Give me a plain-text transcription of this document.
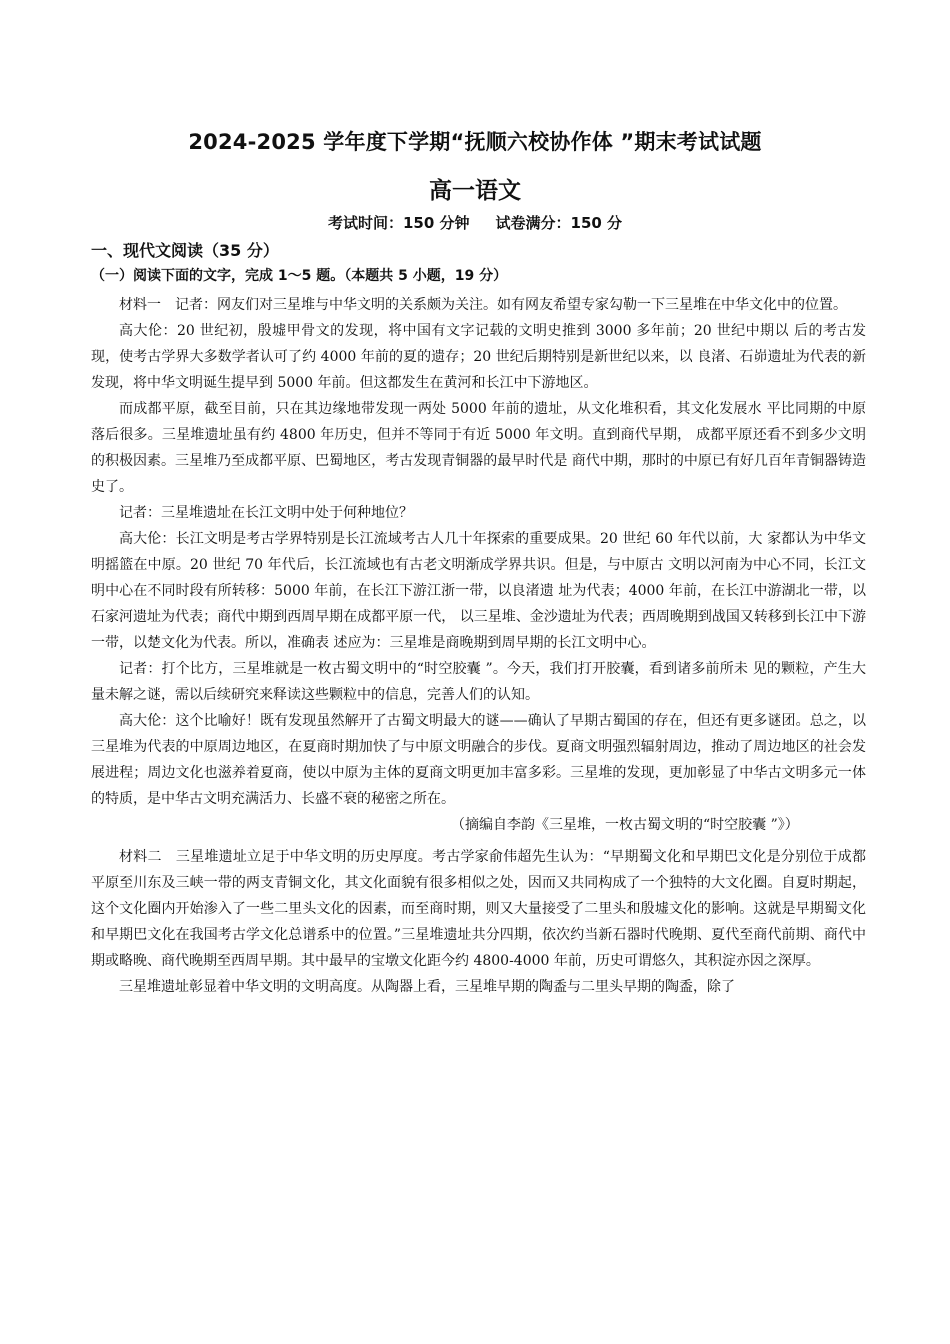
2024-2025 学年度下学期“抚顺六校协作体 ”期末考试试题
高一语文
考试时间：150 分钟 试卷满分：150 分
一、现代文阅读（35 分）
（一）阅读下面的文字，完成 1～5 题。（本题共 5 小题，19 分）

材料一　记者：网友们对三星堆与中华文明的关系颇为关注。如有网友希望专家勾勒一下三星堆在中华文化中的位置。

高大伦：20 世纪初，殷墟甲骨文的发现，将中国有文字记载的文明史推到 3000 多年前；20 世纪中期以 后的考古发现，使考古学界大多数学者认可了约 4000 年前的夏的遗存；20 世纪后期特别是新世纪以来，以 良渚、石峁遗址为代表的新发现，将中华文明诞生提早到 5000 年前。但这都发生在黄河和长江中下游地区。

而成都平原，截至目前，只在其边缘地带发现一两处 5000 年前的遗址，从文化堆积看，其文化发展水 平比同期的中原落后很多。三星堆遗址虽有约 4800 年历史，但并不等同于有近 5000 年文明。直到商代早期， 成都平原还看不到多少文明的积极因素。三星堆乃至成都平原、巴蜀地区，考古发现青铜器的最早时代是 商代中期，那时的中原已有好几百年青铜器铸造史了。

记者：三星堆遗址在长江文明中处于何种地位？

高大伦：长江文明是考古学界特别是长江流域考古人几十年探索的重要成果。20 世纪 60 年代以前，大 家都认为中华文明摇篮在中原。20 世纪 70 年代后，长江流域也有古老文明渐成学界共识。但是，与中原古 文明以河南为中心不同，长江文明中心在不同时段有所转移：5000 年前，在长江下游江浙一带，以良渚遗 址为代表；4000 年前，在长江中游湖北一带，以石家河遗址为代表；商代中期到西周早期在成都平原一代， 以三星堆、金沙遗址为代表；西周晚期到战国又转移到长江中下游一带，以楚文化为代表。所以，准确表 述应为：三星堆是商晚期到周早期的长江文明中心。

记者：打个比方，三星堆就是一枚古蜀文明中的“时空胶囊 ”。今天，我们打开胶囊，看到诸多前所未 见的颗粒，产生大量未解之谜，需以后续研究来释读这些颗粒中的信息，完善人们的认知。

高大伦：这个比喻好！既有发现虽然解开了古蜀文明最大的谜——确认了早期古蜀国的存在，但还有更多谜团。总之，以三星堆为代表的中原周边地区，在夏商时期加快了与中原文明融合的步伐。夏商文明强烈辐射周边，推动了周边地区的社会发展进程；周边文化也滋养着夏商，使以中原为主体的夏商文明更加丰富多彩。三星堆的发现，更加彰显了中华古文明多元一体的特质，是中华古文明充满活力、长盛不衰的秘密之所在。

（摘编自李韵《三星堆，一枚古蜀文明的“时空胶囊 ”》）

材料二　三星堆遗址立足于中华文明的历史厚度。考古学家俞伟超先生认为：“早期蜀文化和早期巴文化是分别位于成都平原至川东及三峡一带的两支青铜文化，其文化面貌有很多相似之处，因而又共同构成了一个独特的大文化圈。自夏时期起，这个文化圈内开始渗入了一些二里头文化的因素，而至商时期，则又大量接受了二里头和殷墟文化的影响。这就是早期蜀文化和早期巴文化在我国考古学文化总谱系中的位置。”三星堆遗址共分四期，依次约当新石器时代晚期、夏代至商代前期、商代中期或略晚、商代晚期至西周早期。其中最早的宝墩文化距今约 4800-4000 年前，历史可谓悠久，其积淀亦因之深厚。

三星堆遗址彰显着中华文明的文明高度。从陶器上看，三星堆早期的陶盉与二里头早期的陶盉，除了
